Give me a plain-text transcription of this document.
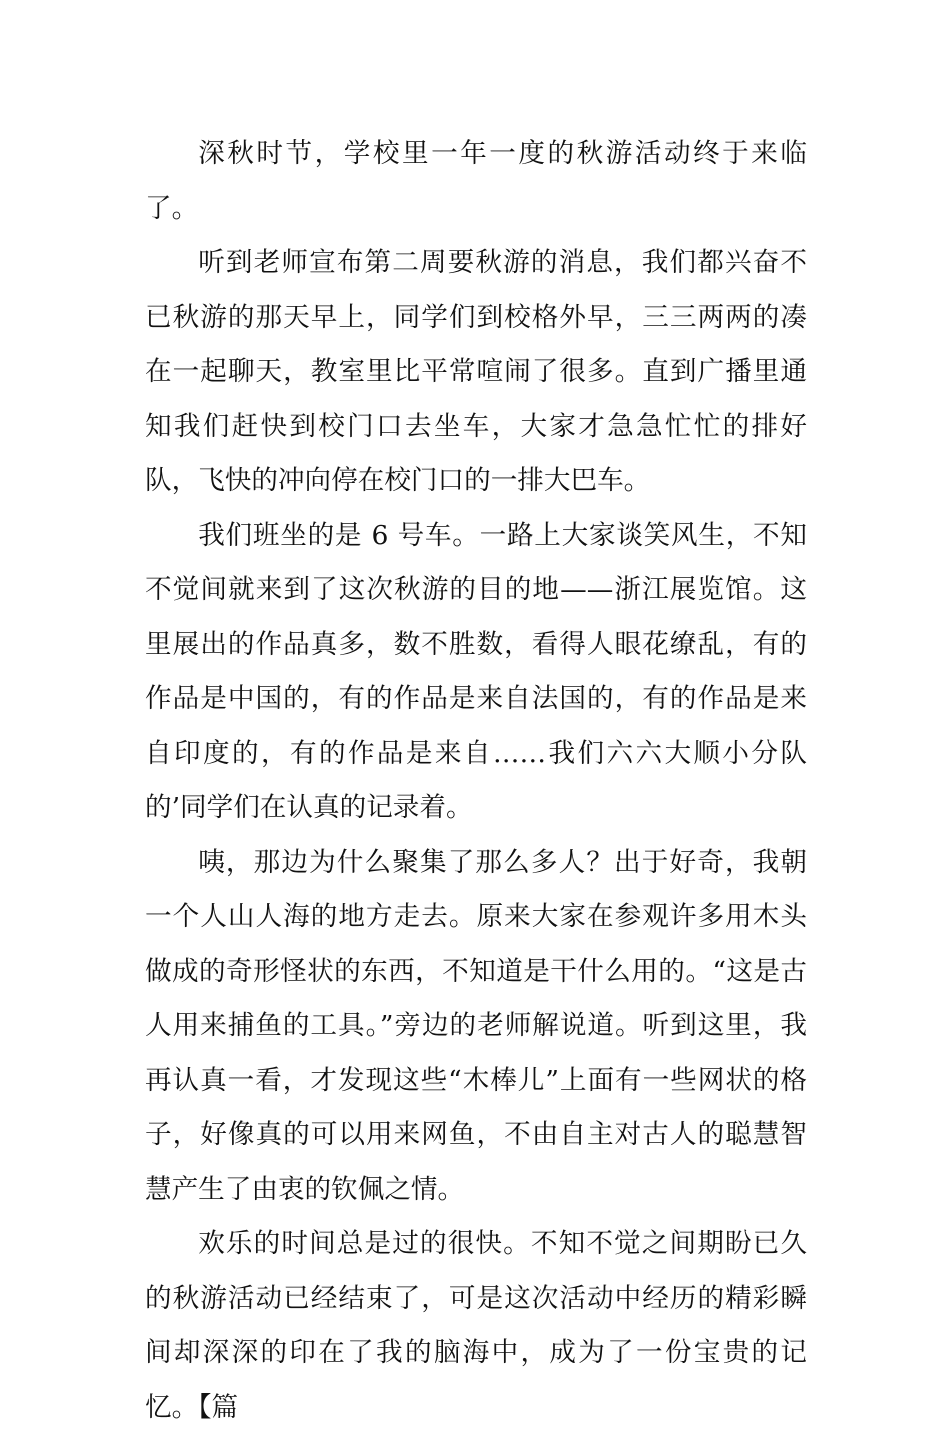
深秋时节，学校里一年一度的秋游活动终于来临了。

听到老师宣布第二周要秋游的消息，我们都兴奋不已秋游的那天早上，同学们到校格外早，三三两两的凑在一起聊天，教室里比平常喧闹了很多。直到广播里通知我们赶快到校门口去坐车，大家才急急忙忙的排好队，飞快的冲向停在校门口的一排大巴车。

我们班坐的是 6 号车。一路上大家谈笑风生，不知不觉间就来到了这次秋游的目的地——浙江展览馆。这里展出的作品真多，数不胜数，看得人眼花缭乱，有的作品是中国的，有的作品是来自法国的，有的作品是来自印度的，有的作品是来自……我们六六大顺小分队的’同学们在认真的记录着。

咦，那边为什么聚集了那么多人？出于好奇，我朝一个人山人海的地方走去。原来大家在参观许多用木头做成的奇形怪状的东西，不知道是干什么用的。“这是古人用来捕鱼的工具。”旁边的老师解说道。听到这里，我再认真一看，才发现这些“木棒儿”上面有一些网状的格子，好像真的可以用来网鱼，不由自主对古人的聪慧智慧产生了由衷的钦佩之情。

欢乐的时间总是过的很快。不知不觉之间期盼已久的秋游活动已经结束了，可是这次活动中经历的精彩瞬间却深深的印在了我的脑海中，成为了一份宝贵的记忆。【篇
